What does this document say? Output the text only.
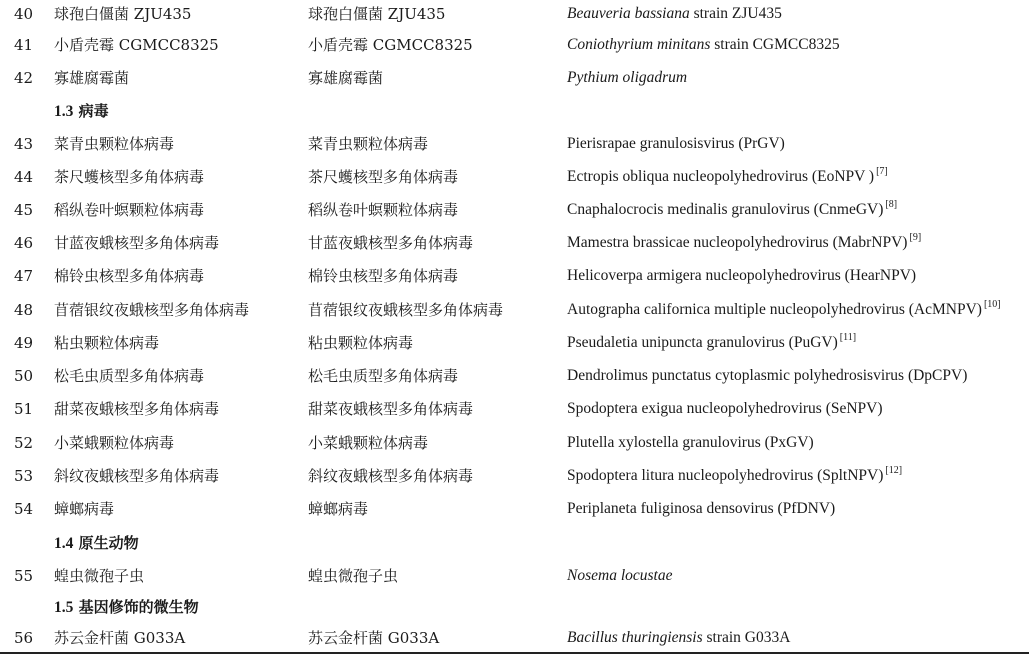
40 球孢白僵菌 ZJU435	球孢白僵菌 ZJU435	Beauveria bassiana strain ZJU435
41 小盾壳霉 CGMCC8325	小盾壳霉 CGMCC8325	Coniothyrium minitans strain CGMCC8325
42 寡雄腐霉菌	寡雄腐霉菌	Pythium oligadrum
1.3 病毒
43 菜青虫颗粒体病毒	菜青虫颗粒体病毒	Pierisrapae granulosisvirus (PrGV)
44 茶尺蠖核型多角体病毒	茶尺蠖核型多角体病毒	Ectropis obliqua nucleopolyhedrovirus (EoNPV ) [7]
45 稻纵卷叶螟颗粒体病毒	稻纵卷叶螟颗粒体病毒	Cnaphalocrocis medinalis granulovirus (CnmeGV) [8]
46 甘蓝夜蛾核型多角体病毒	甘蓝夜蛾核型多角体病毒	Mamestra brassicae nucleopolyhedrovirus (MabrNPV) [9]
47 棉铃虫核型多角体病毒	棉铃虫核型多角体病毒	Helicoverpa armigera nucleopolyhedrovirus (HearNPV)
48 苜蓿银纹夜蛾核型多角体病毒	苜蓿银纹夜蛾核型多角体病毒	Autographa californica multiple nucleopolyhedrovirus (AcMNPV) [10]
49 粘虫颗粒体病毒	粘虫颗粒体病毒	Pseudaletia unipuncta granulovirus (PuGV) [11]
50 松毛虫质型多角体病毒	松毛虫质型多角体病毒	Dendrolimus punctatus cytoplasmic polyhedrosisvirus (DpCPV)
51 甜菜夜蛾核型多角体病毒	甜菜夜蛾核型多角体病毒	Spodoptera exigua nucleopolyhedrovirus (SeNPV)
52 小菜蛾颗粒体病毒	小菜蛾颗粒体病毒	Plutella xylostella granulovirus (PxGV)
53 斜纹夜蛾核型多角体病毒	斜纹夜蛾核型多角体病毒	Spodoptera litura nucleopolyhedrovirus (SpltNPV) [12]
54 蟑螂病毒	蟑螂病毒	Periplaneta fuliginosa densovirus (PfDNV)
1.4 原生动物
55 蝗虫微孢子虫	蝗虫微孢子虫	Nosema locustae
1.5 基因修饰的微生物
56 苏云金杆菌 G033A	苏云金杆菌 G033A	Bacillus thuringiensis strain G033A
